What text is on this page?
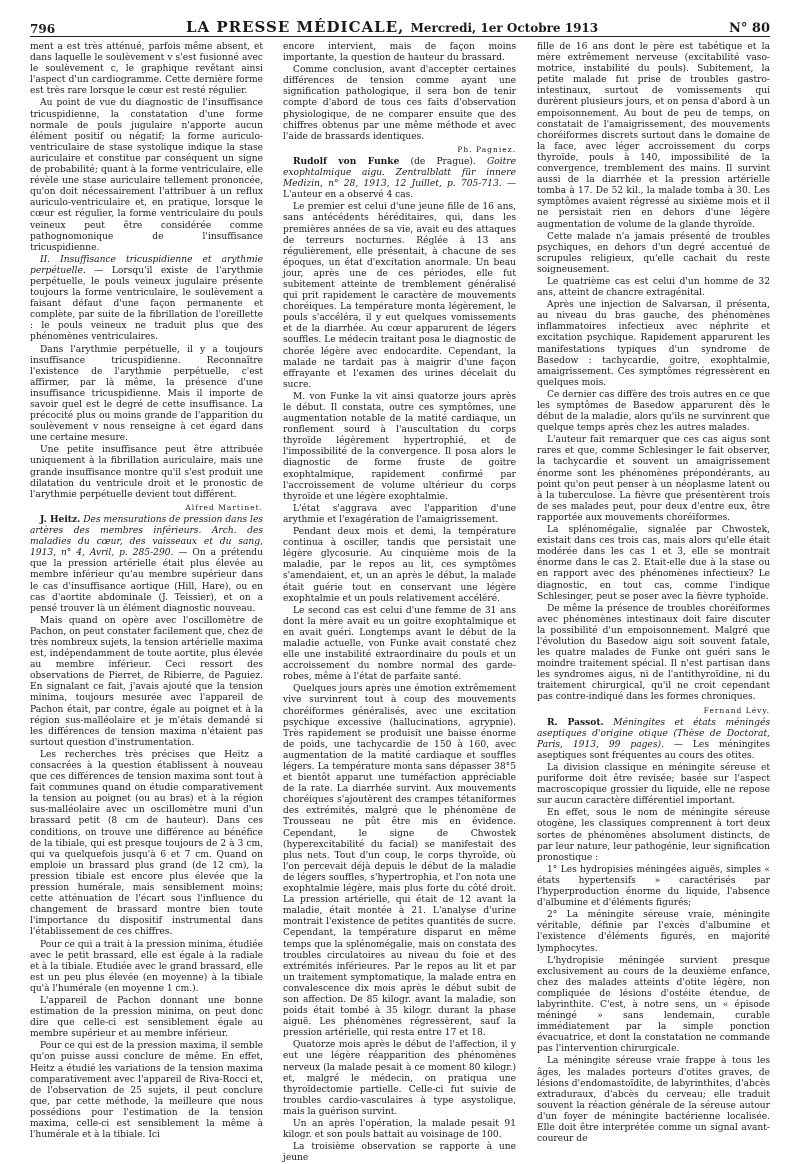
796	LA PRESSE MÉDICALE, Mercredi, 1er Octobre 1913	N° 80

ment a est très atténué, parfois même absent, et dans laquelle le soulèvement v s'est fusionné avec le soulèvement c, le graphique revêtant ainsi l'aspect d'un cardiogramme. Cette dernière forme est très rare lorsque le cœur est resté régulier.

Au point de vue du diagnostic de l'insuffisance tricuspidienne, la constatation d'une forme normale de pouls jugulaire n'apporte aucun élément positif ou négatif; la forme auriculo-ventriculaire de stase systolique indique la stase auriculaire et constitue par conséquent un signe de probabilité; quant à la forme ventriculaire, elle révèle une stase auriculaire tellement prononcée, qu'on doit nécessairement l'attribuer à un reflux auriculo-ventriculaire et, en pratique, lorsque le cœur est régulier, la forme ventriculaire du pouls veineux peut être considérée comme pathognomonique de l'insuffisance tricuspidienne.

II. Insuffisance tricuspidienne et arythmie perpétuelle. — Lorsqu'il existe de l'arythmie perpétuelle, le pouls veineux jugulaire présente toujours la forme ventriculaire, le soulèvement a faisant défaut d'une façon permanente et complète, par suite de la fibrillation de l'oreillette : le pouls veineux ne traduit plus que des phénomènes ventriculaires.

Dans l'arythmie perpétuelle, il y a toujours insuffisance tricuspidienne. Reconnaître l'existence de l'arythmie perpétuelle, c'est affirmer, par là même, la présence d'une insuffisance tricuspidienne. Mais il importe de savoir quel est le degré de cette insuffisance. La précocité plus ou moins grande de l'apparition du soulèvement v nous renseigne à cet égard dans une certaine mesure.

Une petite insuffisance peut être attribuée uniquement à la fibrillation auriculaire, mais une grande insuffisance montre qu'il s'est produit une dilatation du ventricule droit et le pronostic de l'arythmie perpétuelle devient tout différent.

Alfred Martinet.

J. Heitz. Des mensurations de pression dans les artères des membres inférieurs. Arch. des maladies du cœur, des vaisseaux et du sang, 1913, n° 4, Avril, p. 285-290. — On a prétendu que la pression artérielle était plus élevée au membre inférieur qu'au membre supérieur dans le cas d'insuffisance aortique (Hill, Hare), ou en cas d'aortite abdominale (J. Teissier), et on a pensé trouver là un élément diagnostic nouveau.

Mais quand on opère avec l'oscillomètre de Pachon, on peut constater facilement que, chez de très nombreux sujets, la tension artérielle maxima est, indépendamment de toute aortite, plus élevée au membre inférieur. Ceci ressort des observations de Pierret, de Ribierre, de Paguiez. En signalant ce fait, j'avais ajouté que la tension minima, toujours mesurée avec l'appareil de Pachon était, par contre, égale au poignet et à la région sus-malléolaire et je m'étais demandé si les différences de tension maxima n'étaient pas surtout question d'instrumentation.

Les recherches très précises que Heitz a consacrées à la question établissent à nouveau que ces différences de tension maxima sont tout à fait communes quand on étudie comparativement la tension au poignet (ou au bras) et à la région sus-malléolaire avec un oscillomètre muni d'un brassard petit (8 cm de hauteur). Dans ces conditions, on trouve une différence au bénéfice de la tibiale, qui est presque toujours de 2 à 3 cm, qui va quelquefois jusqu'à 6 et 7 cm. Quand on emploie un brassard plus grand (de 12 cm), la pression tibiale est encore plus élevée que la pression humérale, mais sensiblement moins; cette atténuation de l'écart sous l'influence du changement de brassard montre bien toute l'importance du dispositif instrumental dans l'établissement de ces chiffres.

Pour ce qui a trait à la pression minima, étudiée avec le petit brassard, elle est égale à la radiale et à la tibiale. Etudiée avec le grand brassard, elle est un peu plus élevée (en moyenne) à la tibiale qu'à l'humérale (en moyenne 1 cm.).

L'appareil de Pachon donnant une bonne estimation de la pression minima, on peut donc dire que celle-ci est sensiblement égale au membre supérieur et au membre inférieur.

Pour ce qui est de la pression maxima, il semble qu'on puisse aussi conclure de même. En effet, Heitz a étudié les variations de la tension maxima comparativement avec l'appareil de Riva-Rocci et, de l'observation de 25 sujets, il peut conclure que, par cette méthode, la meilleure que nous possédions pour l'estimation de la tension maxima, celle-ci est sensiblement la même à l'humérale et à la tibiale. Ici

encore intervient, mais de façon moins importante, la question de hauteur du brassard.

Comme conclusion, avant d'accepter certaines différences de tension comme ayant une signification pathologique, il sera bon de tenir compte d'abord de tous ces faits d'observation physiologique, de ne comparer ensuite que des chiffres obtenus par une même méthode et avec l'aide de brassards identiques.

Ph. Pagniez.

Rudolf von Funke (de Prague). Goitre exophtalmique aigu. Zentralblatt für innere Medizin, n° 28, 1913, 12 Juillet, p. 705-713. — L'auteur en a observé 4 cas.

Le premier est celui d'une jeune fille de 16 ans, sans antécédents héréditaires, qui, dans les premières années de sa vie, avait eu des attaques de terreurs nocturnes. Réglée à 13 ans régulièrement, elle présentait, à chacune de ses époques, un état d'excitation anormale. Un beau jour, après une de ces périodes, elle fut subitement atteinte de tremblement généralisé qui prit rapidement le caractère de mouvements choréiques. La température monta légèrement, le pouls s'accéléra, il y eut quelques vomissements et de la diarrhée. Au cœur apparurent de légers souffles. Le médecin traitant posa le diagnostic de chorée légère avec endocardite. Cependant, la malade ne tardait pas à maigrir d'une façon effrayante et l'examen des urines décelait du sucre.

M. von Funke la vit ainsi quatorze jours après le début. Il constata, outre ces symptômes, une augmentation notable de la matité cardiaque, un ronflement sourd à l'auscultation du corps thyroïde légèrement hypertrophié, et de l'impossibilité de la convergence. Il posa alors le diagnostic de forme fruste de goitre exophtalmique, rapidement confirmé par l'accroissement de volume ultérieur du corps thyroïde et une légère exophtalmie.

L'état s'aggrava avec l'apparition d'une arythmie et l'exagération de l'amaigrissement.

Pendant deux mois et demi, la température continua à osciller, tandis que persistait une légère glycosurie. Au cinquième mois de la maladie, par le repos au lit, ces symptômes s'amendaient, et, un an après le début, la malade était guérie tout en conservant une légère exophtalmie et un pouls relativement accéléré.

Le second cas est celui d'une femme de 31 ans dont la mère avait eu un goitre exophtalmique et en avait guéri. Longtemps avant le début de la maladie actuelle, von Funke avait constaté chez elle une instabilité extraordinaire du pouls et un accroissement du nombre normal des garde-robes, même à l'état de parfaite santé.

Quelques jours après une émotion extrêmement vive survinrent tout à coup des mouvements choréiformes généralisés, avec une excitation psychique excessive (hallucinations, agrypnie). Très rapidement se produisit une baisse énorme de poids, une tachycardie de 150 à 160, avec augmentation de la matité cardiaque et souffles légers. La température monta sans dépasser 38°5 et bientôt apparut une tuméfaction appréciable de la rate. La diarrhée survint. Aux mouvements choréiques s'ajoutèrent des crampes tétaniformes des extrémités, malgré que le phénomène de Trousseau ne pût être mis en évidence. Cependant, le signe de Chwostek (hyperexcitabilité du facial) se manifestait des plus nets. Tout d'un coup, le corps thyroïde, où l'on percevait déjà depuis le début de la maladie de légers souffles, s'hypertrophia, et l'on nota une exophtalmie légère, mais plus forte du côté droit. La pression artérielle, qui était de 12 avant la maladie, était montée à 21. L'analyse d'urine montrait l'existence de petites quantités de sucre. Cependant, la température disparut en même temps que la splénomégalie, mais on constata des troubles circulatoires au niveau du foie et des extrémités inférieures. Par le repos au lit et par un traitement symptomatique, la malade entra en convalescence dix mois après le début subit de son affection. De 85 kilogr. avant la maladie, son poids était tombé à 35 kilogr. durant la phase aiguë. Les phénomènes régressèrent, sauf la pression artérielle, qui resta entre 17 et 18.

Quatorze mois après le début de l'affection, il y eut une légère réapparition des phénomènes nerveux (la malade pesait à ce moment 80 kilogr.) et, malgré le médecin, on pratiqua une thyroïdectomie partielle. Celle-ci fut suivie de troubles cardio-vasculaires à type asystolique, mais la guérison survint.

Un an après l'opération, la malade pesait 91 kilogr. et son pouls battait au voisinage de 100.

La troisième observation se rapporte à une jeune

fille de 16 ans dont le père est tabétique et la mère extrêmement nerveuse (excitabilité vaso-motrice, instabilité du pouls). Subitement, la petite malade fut prise de troubles gastro-intestinaux, surtout de vomissements qui durèrent plusieurs jours, et on pensa d'abord à un empoisonnement. Au bout de peu de temps, on constatait de l'amaigrissement, des mouvements choréiformes discrets surtout dans le domaine de la face, avec léger accroissement du corps thyroïde, pouls à 140, impossibilité de la convergence, tremblement des mains. Il survint aussi de la diarrhée et la pression artérielle tomba à 17. De 52 kil., la malade tomba à 30. Les symptômes avaient régressé au sixième mois et il ne persistait rien en dehors d'une légère augmentation de volume de la glande thyroïde.

Cette malade n'a jamais présenté de troubles psychiques, en dehors d'un degré accentué de scrupules religieux, qu'elle cachait du reste soigneusement.

Le quatrième cas est celui d'un homme de 32 ans, atteint de chancre extragénital.

Après une injection de Salvarsan, il présenta, au niveau du bras gauche, des phénomènes inflammatoires infectieux avec néphrite et excitation psychique. Rapidement apparurent les manifestations typiques d'un syndrome de Basedow : tachycardie, goitre, exophtalmie, amaigrissement. Ces symptômes régressèrent en quelques mois.

Ce dernier cas diffère des trois autres en ce que les symptômes de Basedow apparurent dès le début de la maladie, alors qu'ils ne survinrent que quelque temps après chez les autres malades.

L'auteur fait remarquer que ces cas aigus sont rares et que, comme Schlesinger le fait observer, la tachycardie et souvent un amaigrissement énorme sont les phénomènes prépondérants, au point qu'on peut penser à un néoplasme latent ou à la tuberculose. La fièvre que présentèrent trois de ses malades peut, pour deux d'entre eux, être rapportée aux mouvements choréiformes.

La splénomégalie, signalée par Chwostek, existait dans ces trois cas, mais alors qu'elle était modérée dans les cas 1 et 3, elle se montrait énorme dans le cas 2. Etait-elle due à la stase ou en rapport avec des phénomènes infectieux? Le diagnostic, en tout cas, comme l'indique Schlesinger, peut se poser avec la fièvre typhoïde.

De même la présence de troubles choréiformes avec phénomènes intestinaux doit faire discuter la possibilité d'un empoisonnement. Malgré que l'évolution du Basedow aigu soit souvent fatale, les quatre malades de Funke ont guéri sans le moindre traitement spécial. Il n'est partisan dans les syndromes aigus, ni de l'antithyroïdine, ni du traitement chirurgical, qu'il ne croit cependant pas contre-indiqué dans les formes chroniques.

Fernand Lévy.

R. Passot. Méningites et états méningés aseptiques d'origine otique (Thèse de Doctorat, Paris, 1913, 99 pages). — Les méningites aseptiques sont fréquentes au cours des otites.

La division classique en méningite séreuse et puriforme doit être revisée; basée sur l'aspect macroscopique grossier du liquide, elle ne repose sur aucun caractère différentiel important.

En effet, sous le nom de méningite séreuse otogène, les classiques comprennent à tort deux sortes de phénomènes absolument distincts, de par leur nature, leur pathogénie, leur signification pronostique :

1° Les hydropisies méningées aiguës, simples « états hypertensifs » caractérisés par l'hyperproduction énorme du liquide, l'absence d'albumine et d'éléments figurés;

2° La méningite séreuse vraie, méningite véritable, définie par l'excès d'albumine et l'existence d'éléments figurés, en majorité lymphocytes.

L'hydropisie méningée survient presque exclusivement au cours de la deuxième enfance, chez des malades atteints d'otite légère, non compliquée de lésions d'ostéite étendue, de labyrinthite. C'est, à notre sens, un « épisode méningé » sans lendemain, curable immédiatement par la simple ponction évacuatrice, et dont la constatation ne commande pas l'intervention chirurgicale.

La méningite séreuse vraie frappe à tous les âges, les malades porteurs d'otites graves, de lésions d'endomastoïdite, de labyrinthites, d'abcès extraduraux, d'abcès du cerveau; elle traduit souvent la réaction générale de la séreuse autour d'un foyer de méningite bactérienne localisée. Elle doit être interprétée comme un signal avant-coureur de
